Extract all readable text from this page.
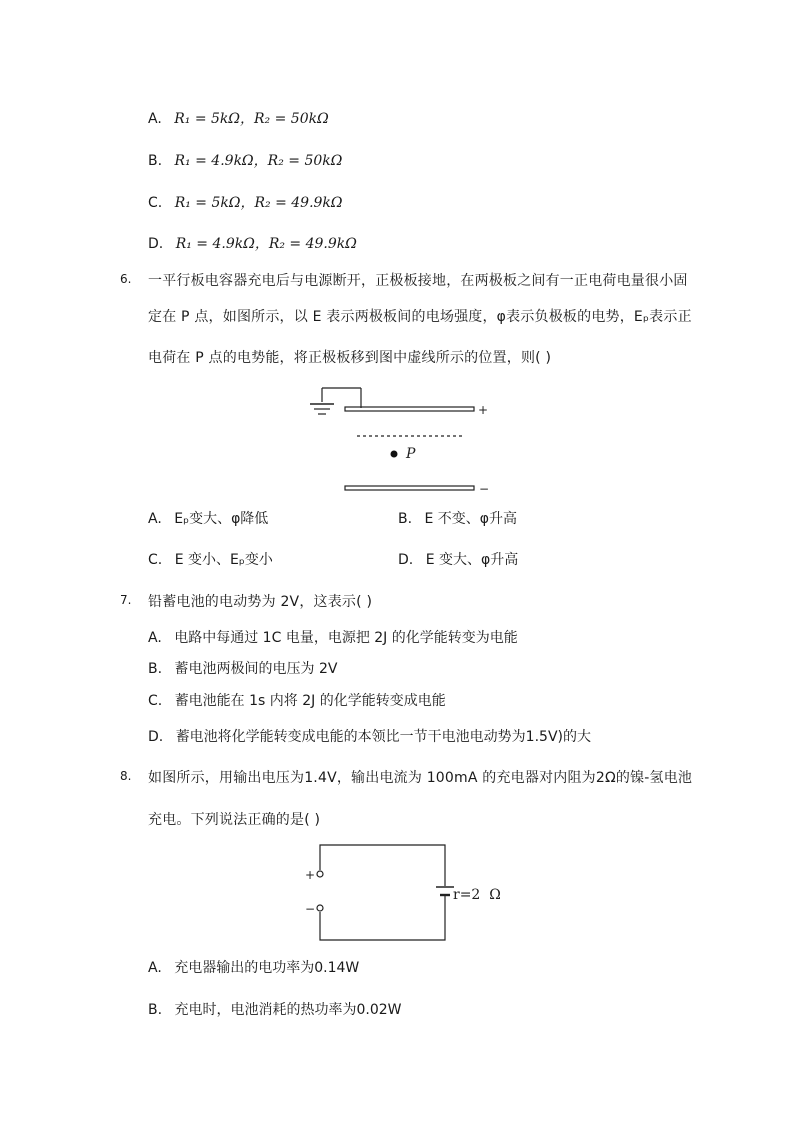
A. R₁ = 5kΩ，R₂ = 50kΩ
B. R₁ = 4.9kΩ，R₂ = 50kΩ
C. R₁ = 5kΩ，R₂ = 49.9kΩ
D. R₁ = 4.9kΩ，R₂ = 49.9kΩ
6. 一平行板电容器充电后与电源断开，正极板接地，在两极板之间有一正电荷电量很小固
定在 P 点，如图所示，以 E 表示两极板间的电场强度，φ表示负极板的电势，Eₚ表示正
电荷在 P 点的电势能，将正极板移到图中虚线所示的位置，则( )
+
P
−
A. Eₚ变大、φ降低	B. E 不变、φ升高
C. E 变小、Eₚ变小	D. E 变大、φ升高
7. 铅蓄电池的电动势为 2V，这表示( )
A. 电路中每通过 1C 电量，电源把 2J 的化学能转变为电能
B. 蓄电池两极间的电压为 2V
C. 蓄电池能在 1s 内将 2J 的化学能转变成电能
D. 蓄电池将化学能转变成电能的本领比一节干电池电动势为1.5V)的大
8. 如图所示，用输出电压为1.4V，输出电流为 100mA 的充电器对内阻为2Ω的镍-氢电池
充电。下列说法正确的是( )
+
−
r=2  Ω
A. 充电器输出的电功率为0.14W
B. 充电时，电池消耗的热功率为0.02W
